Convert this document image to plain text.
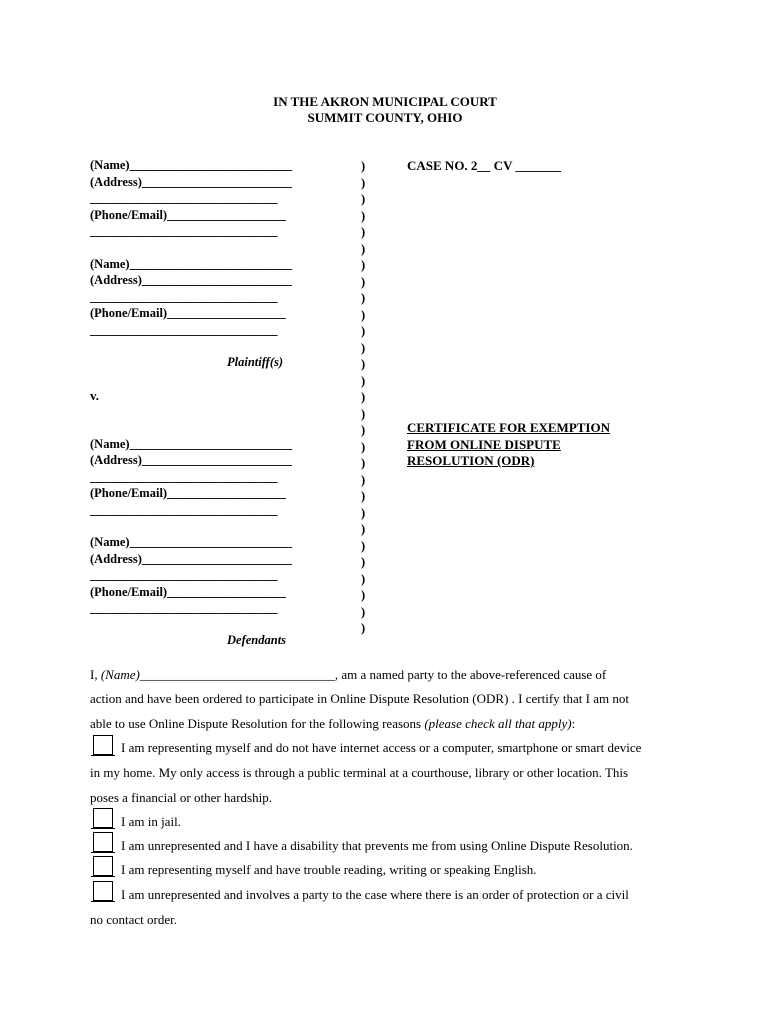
IN THE AKRON MUNICIPAL COURT
SUMMIT COUNTY, OHIO
CASE NO. 2__ CV _______
(Name)__________________________
(Address)________________________
______________________________
(Phone/Email)___________________
______________________________
(Name)__________________________
(Address)________________________
______________________________
(Phone/Email)___________________
______________________________
Plaintiff(s)
v.
(Name)__________________________
(Address)________________________
______________________________
(Phone/Email)___________________
______________________________
(Name)__________________________
(Address)________________________
______________________________
(Phone/Email)___________________
______________________________
Defendants
)
)
)
)
)
)
)
)
)
)
)
)
)
)
)
)
)
)
)
)
)
)
)
)
)
)
)
)
)
CERTIFICATE FOR EXEMPTION
FROM ONLINE DISPUTE
RESOLUTION (ODR)
I, (Name)______________________________, am a named party to the above-referenced cause of
action and have been ordered to participate in Online Dispute Resolution (ODR) . I certify that I am not
able to use Online Dispute Resolution for the following reasons (please check all that apply):
I am representing myself and do not have internet access or a computer, smartphone or smart device
in my home. My only access is through a public terminal at a courthouse, library or other location. This
poses a financial or other hardship.
I am in jail.
I am unrepresented and I have a disability that prevents me from using Online Dispute Resolution.
I am representing myself and have trouble reading, writing or speaking English.
I am unrepresented and involves a party to the case where there is an order of protection or a civil
no contact order.
